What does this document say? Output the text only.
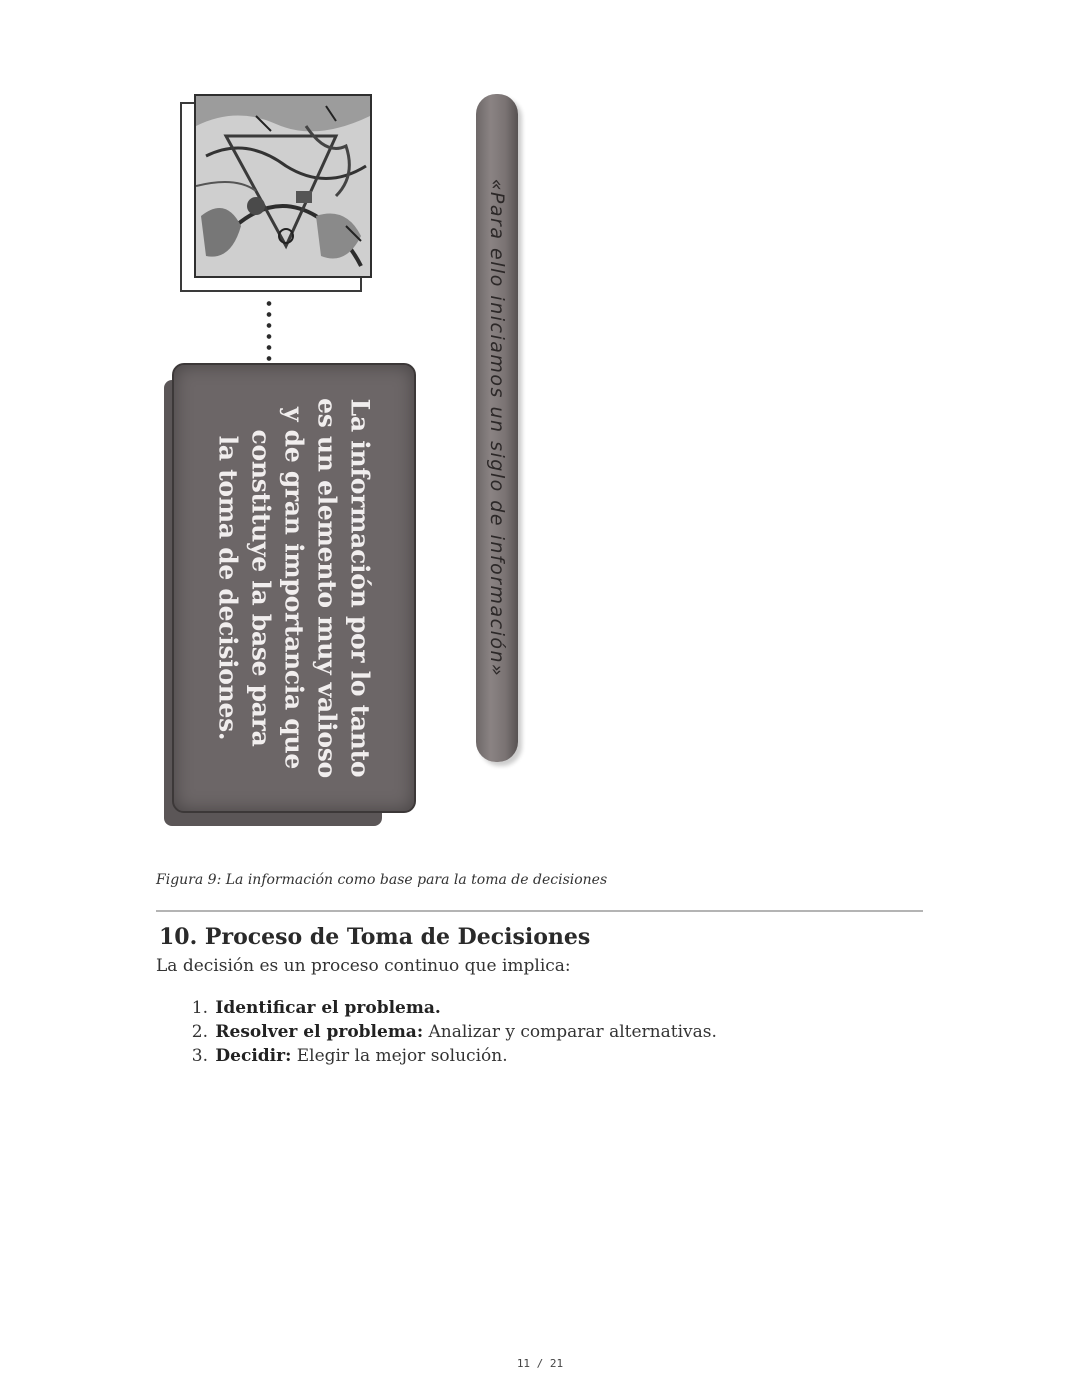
La información por lo tanto
es un elemento muy valioso
y de gran importancia que
constituye la base para
la toma de decisiones.	«Para ello iniciamos un siglo de información»
Figura 9: La información como base para la toma de decisiones
10. Proceso de Toma de Decisiones

La decisión es un proceso continuo que implica:

1. Identificar el problema.
2. Resolver el problema: Analizar y comparar alternativas.
3. Decidir: Elegir la mejor solución.
11 / 21
